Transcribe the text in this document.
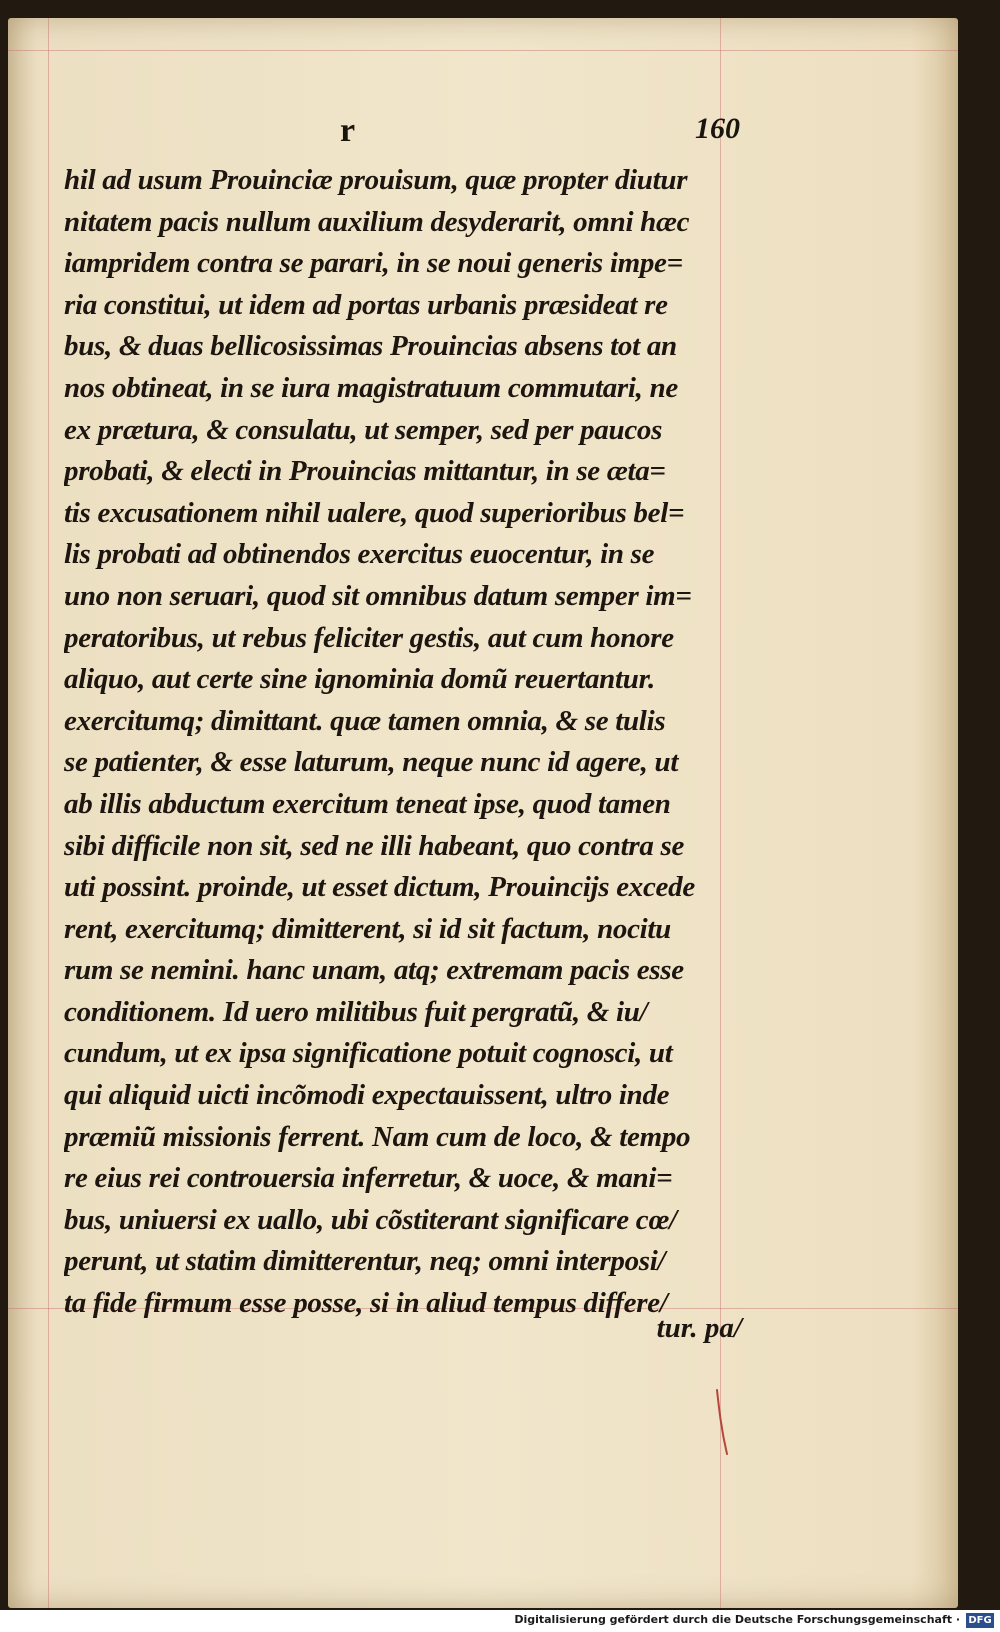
r	160
hil ad usum Prouinciæ prouisum, quæ propter diutur
nitatem pacis nullum auxilium desyderarit, omni hæc
iampridem contra se parari, in se noui generis impe=
ria constitui, ut idem ad portas urbanis præsideat re
bus, & duas bellicosissimas Prouincias absens tot an
nos obtineat, in se iura magistratuum commutari, ne
ex prætura, & consulatu, ut semper, sed per paucos
probati, & electi in Prouincias mittantur, in se æta=
tis excusationem nihil ualere, quod superioribus bel=
lis probati ad obtinendos exercitus euocentur, in se
uno non seruari, quod sit omnibus datum semper im=
peratoribus, ut rebus feliciter gestis, aut cum honore
aliquo, aut certe sine ignominia domũ reuertantur.
exercitumq; dimittant. quæ tamen omnia, & se tulis
se patienter, & esse laturum, neque nunc id agere, ut
ab illis abductum exercitum teneat ipse, quod tamen
sibi difficile non sit, sed ne illi habeant, quo contra se
uti possint. proinde, ut esset dictum, Prouincijs excede
rent, exercitumq; dimitterent, si id sit factum, nocitu
rum se nemini. hanc unam, atq; extremam pacis esse
conditionem. Id uero militibus fuit pergratũ, & iu/
cundum, ut ex ipsa significatione potuit cognosci, ut
qui aliquid uicti incõmodi expectauissent, ultro inde
præmiũ missionis ferrent. Nam cum de loco, & tempo
re eius rei controuersia inferretur, & uoce, & mani=
bus, uniuersi ex uallo, ubi cõstiterant significare cœ/
perunt, ut statim dimitterentur, neq; omni interposi/
ta fide firmum esse posse, si in aliud tempus differe/
tur. pa/
Digitalisierung gefördert durch die Deutsche Forschungsgemeinschaft · DFG
